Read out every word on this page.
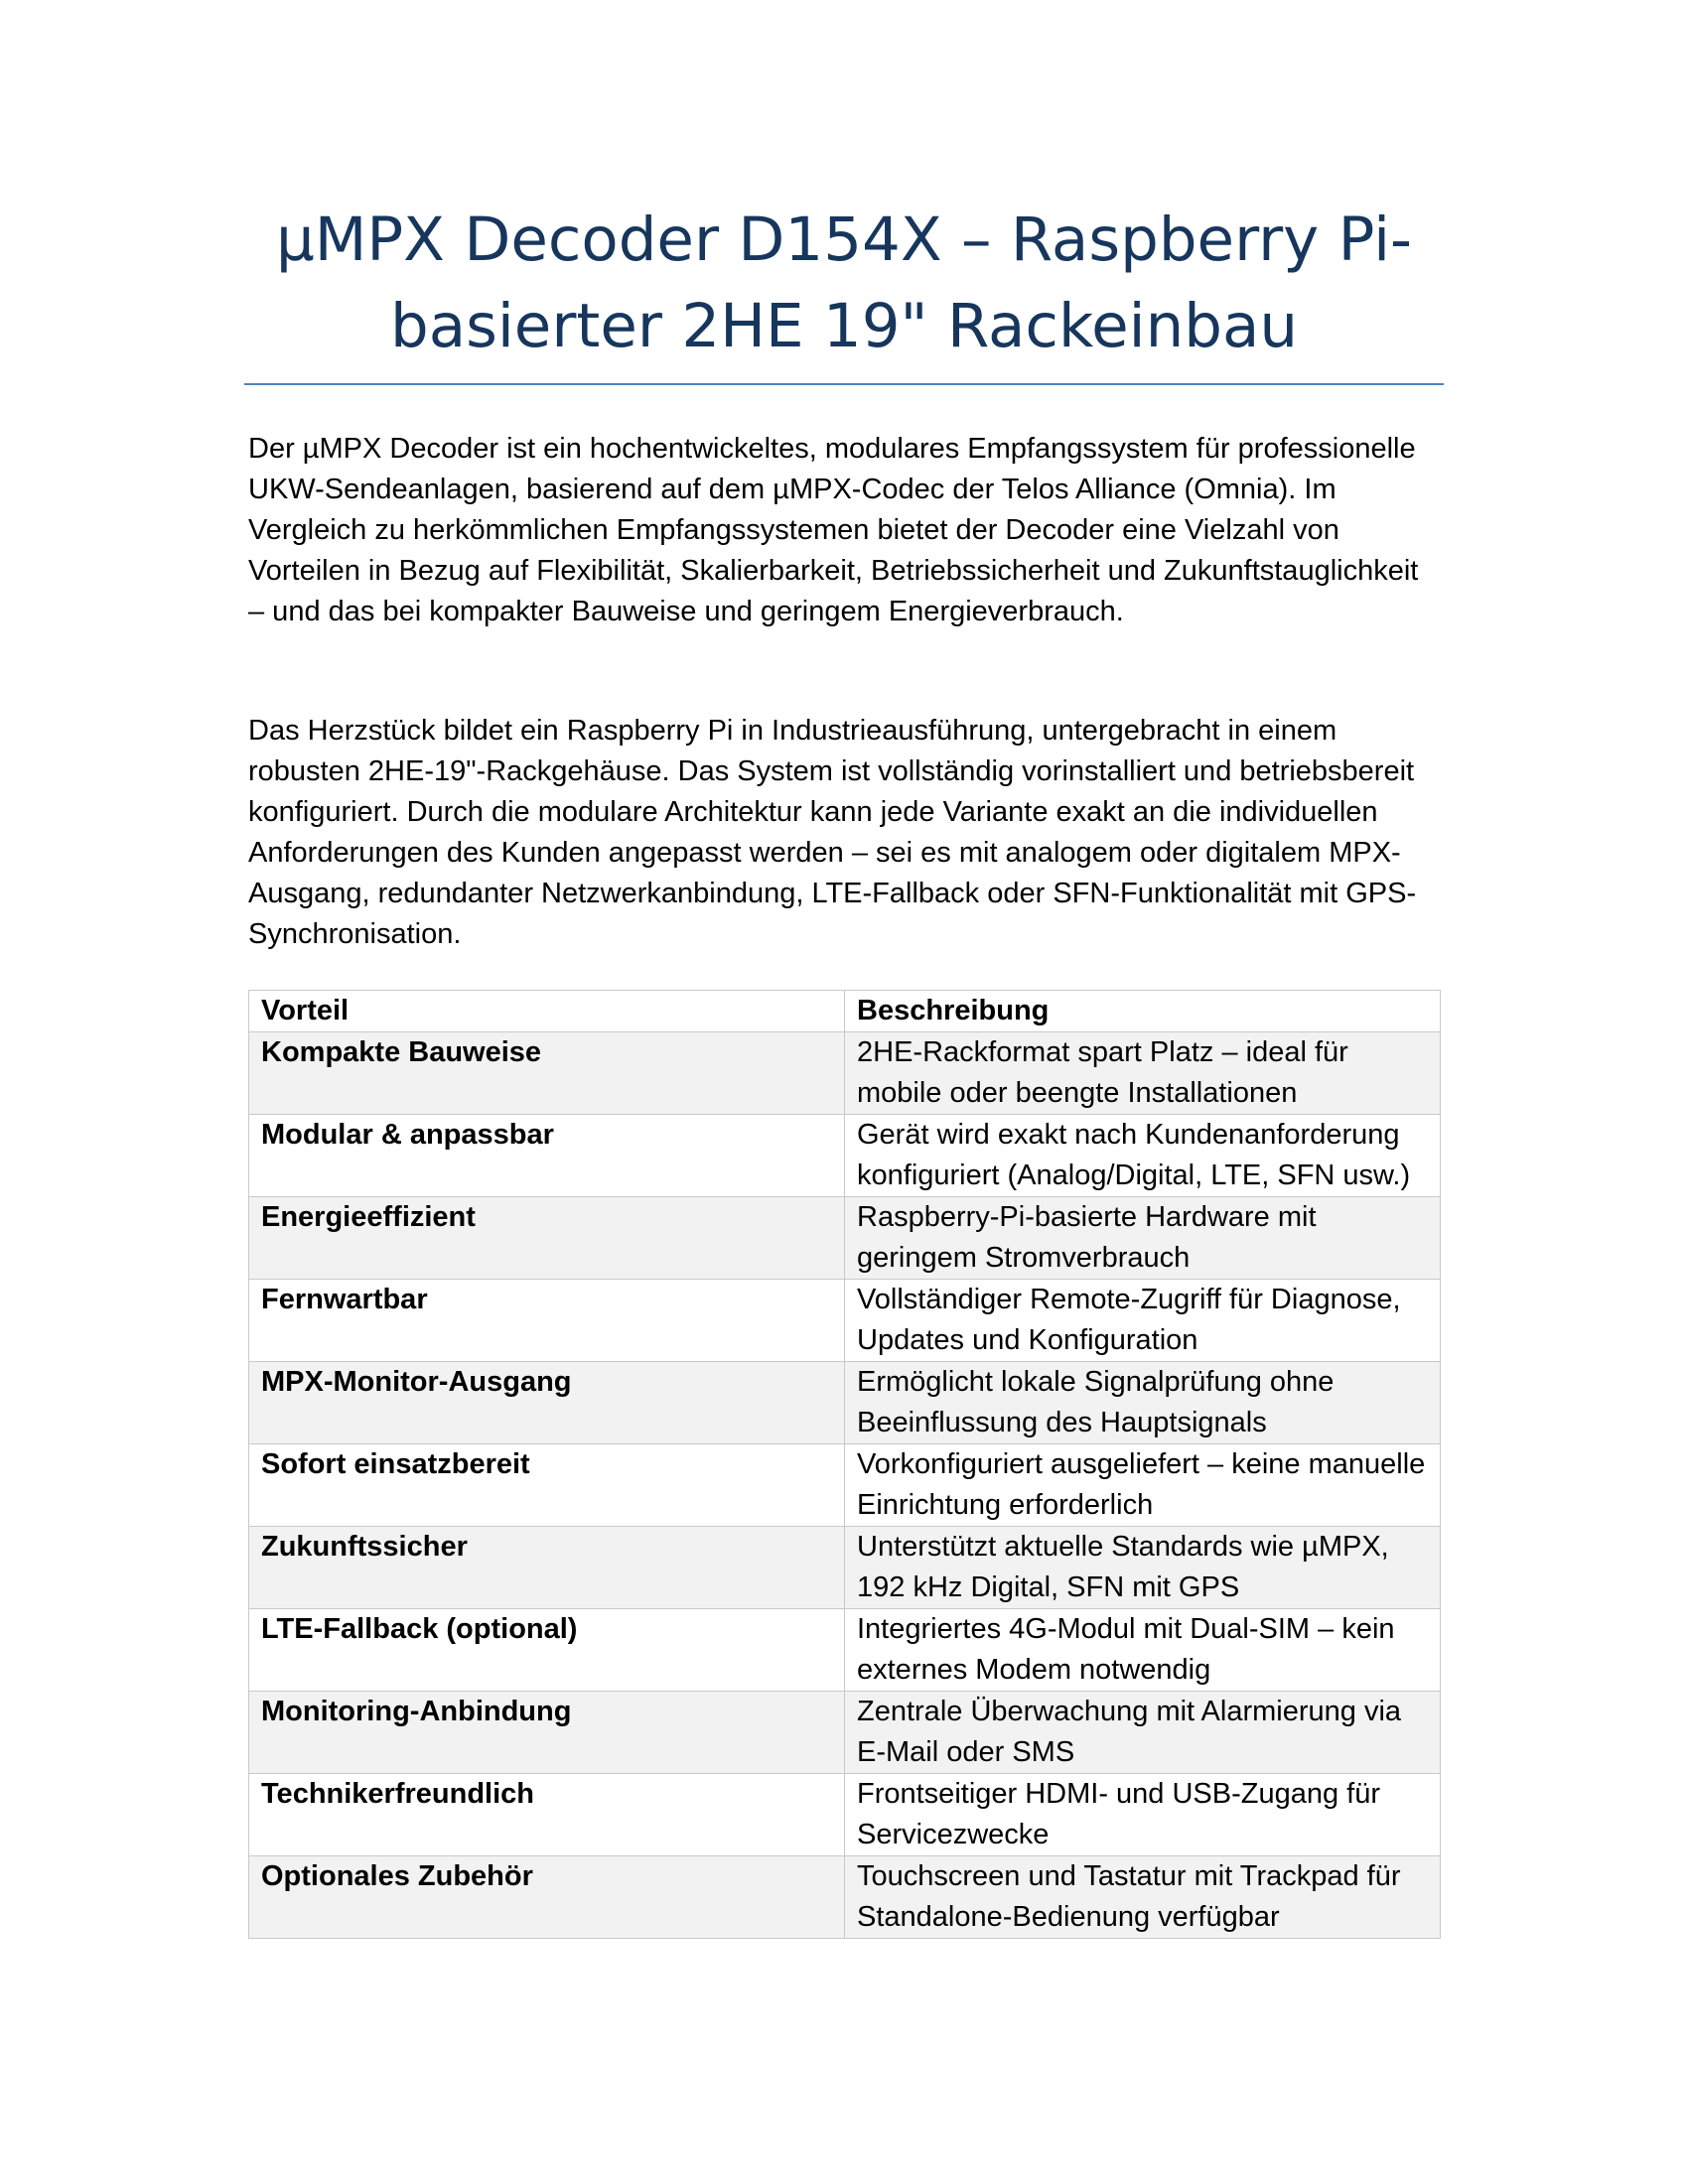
µMPX Decoder D154X – Raspberry Pi-basierter 2HE 19" Rackeinbau

Der µMPX Decoder ist ein hochentwickeltes, modulares Empfangssystem für professionelle UKW-Sendeanlagen, basierend auf dem µMPX-Codec der Telos Alliance (Omnia). Im Vergleich zu herkömmlichen Empfangssystemen bietet der Decoder eine Vielzahl von Vorteilen in Bezug auf Flexibilität, Skalierbarkeit, Betriebssicherheit und Zukunftstauglichkeit – und das bei kompakter Bauweise und geringem Energieverbrauch.

Das Herzstück bildet ein Raspberry Pi in Industrieausführung, untergebracht in einem robusten 2HE-19"-Rackgehäuse. Das System ist vollständig vorinstalliert und betriebsbereit konfiguriert. Durch die modulare Architektur kann jede Variante exakt an die individuellen Anforderungen des Kunden angepasst werden – sei es mit analogem oder digitalem MPX-Ausgang, redundanter Netzwerkanbindung, LTE-Fallback oder SFN-Funktionalität mit GPS-Synchronisation.

Vorteil	Beschreibung
Kompakte Bauweise	2HE-Rackformat spart Platz – ideal für mobile oder beengte Installationen
Modular & anpassbar	Gerät wird exakt nach Kundenanforderung konfiguriert (Analog/Digital, LTE, SFN usw.)
Energieeffizient	Raspberry-Pi-basierte Hardware mit geringem Stromverbrauch
Fernwartbar	Vollständiger Remote-Zugriff für Diagnose, Updates und Konfiguration
MPX-Monitor-Ausgang	Ermöglicht lokale Signalprüfung ohne Beeinflussung des Hauptsignals
Sofort einsatzbereit	Vorkonfiguriert ausgeliefert – keine manuelle Einrichtung erforderlich
Zukunftssicher	Unterstützt aktuelle Standards wie µMPX, 192 kHz Digital, SFN mit GPS
LTE-Fallback (optional)	Integriertes 4G-Modul mit Dual-SIM – kein externes Modem notwendig
Monitoring-Anbindung	Zentrale Überwachung mit Alarmierung via E-Mail oder SMS
Technikerfreundlich	Frontseitiger HDMI- und USB-Zugang für Servicezwecke
Optionales Zubehör	Touchscreen und Tastatur mit Trackpad für Standalone-Bedienung verfügbar
